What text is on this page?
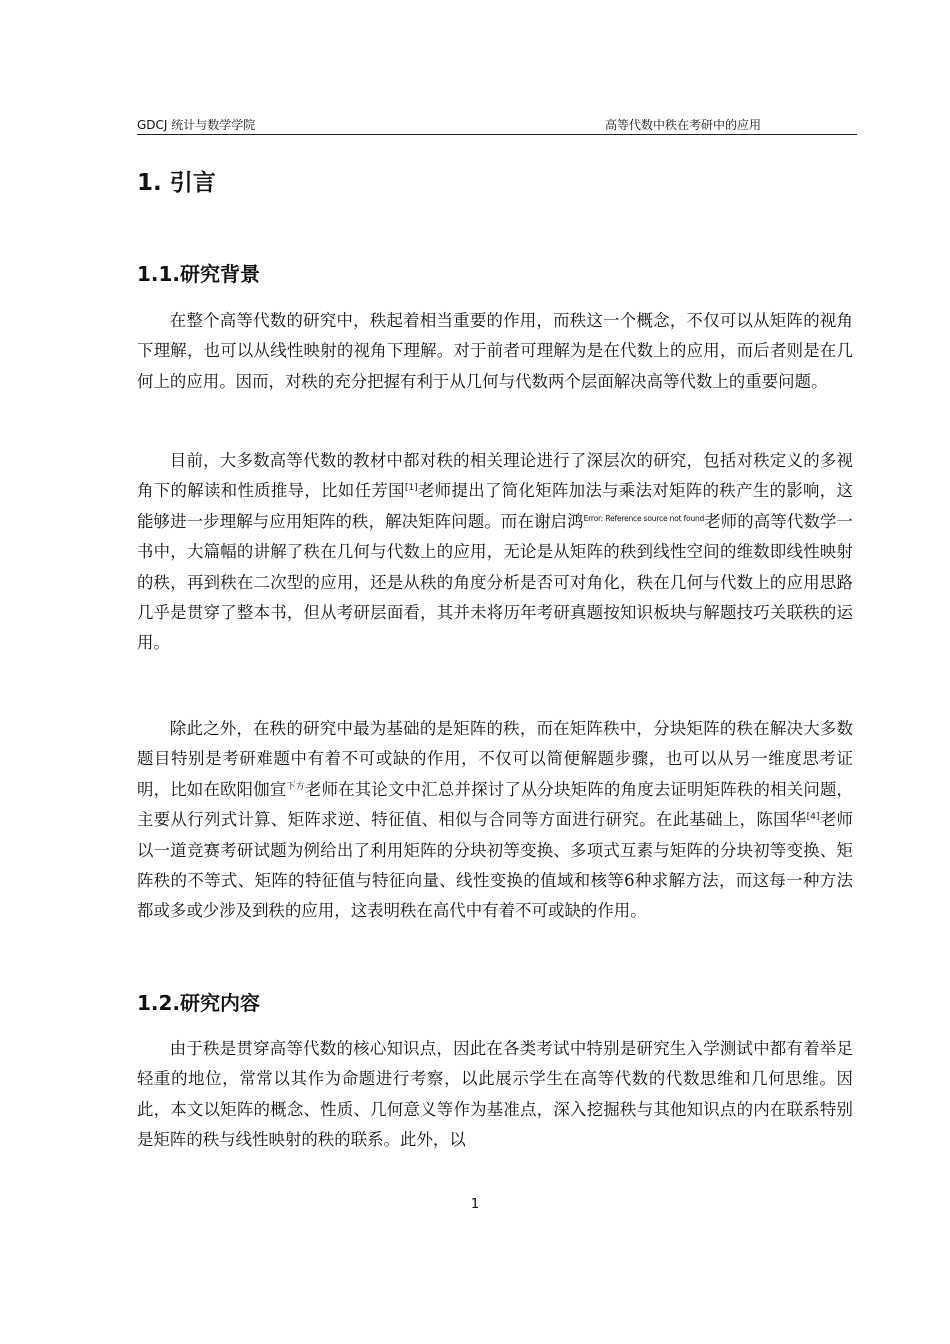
GDCJ 统计与数学学院	高等代数中秩在考研中的应用
1. 引言
1.1.研究背景

在整个高等代数的研究中，秩起着相当重要的作用，而秩这一个概念，不仅可以从矩阵的视角下理解，也可以从线性映射的视角下理解。对于前者可理解为是在代数上的应用，而后者则是在几何上的应用。因而，对秩的充分把握有利于从几何与代数两个层面解决高等代数上的重要问题。

目前，大多数高等代数的教材中都对秩的相关理论进行了深层次的研究，包括对秩定义的多视角下的解读和性质推导，比如任芳国[1]老师提出了简化矩阵加法与乘法对矩阵的秩产生的影响，这能够进一步理解与应用矩阵的秩，解决矩阵问题。而在谢启鸿$^{Error: Reference source not found}$老师的高等代数学一书中，大篇幅的讲解了秩在几何与代数上的应用，无论是从矩阵的秩到线性空间的维数即线性映射的秩，再到秩在二次型的应用，还是从秩的角度分析是否可对角化，秩在几何与代数上的应用思路几乎是贯穿了整本书，但从考研层面看，其并未将历年考研真题按知识板块与解题技巧关联秩的运用。

除此之外，在秩的研究中最为基础的是矩阵的秩，而在矩阵秩中，分块矩阵的秩在解决大多数题目特别是考研难题中有着不可或缺的作用，不仅可以简便解题步骤，也可以从另一维度思考证明，比如在欧阳伽宣$^{下方}$老师在其论文中汇总并探讨了从分块矩阵的角度去证明矩阵秩的相关问题，主要从行列式计算、矩阵求逆、特征值、相似与合同等方面进行研究。在此基础上，陈国华[4]老师以一道竞赛考研试题为例给出了利用矩阵的分块初等变换、多项式互素与矩阵的分块初等变换、矩阵秩的不等式、矩阵的特征值与特征向量、线性变换的值域和核等6种求解方法，而这每一种方法都或多或少涉及到秩的应用，这表明秩在高代中有着不可或缺的作用。

1.2.研究内容

由于秩是贯穿高等代数的核心知识点，因此在各类考试中特别是研究生入学测试中都有着举足轻重的地位，常常以其作为命题进行考察，以此展示学生在高等代数的代数思维和几何思维。因此，本文以矩阵的概念、性质、几何意义等作为基准点，深入挖掘秩与其他知识点的内在联系特别是矩阵的秩与线性映射的秩的联系。此外，以

1
